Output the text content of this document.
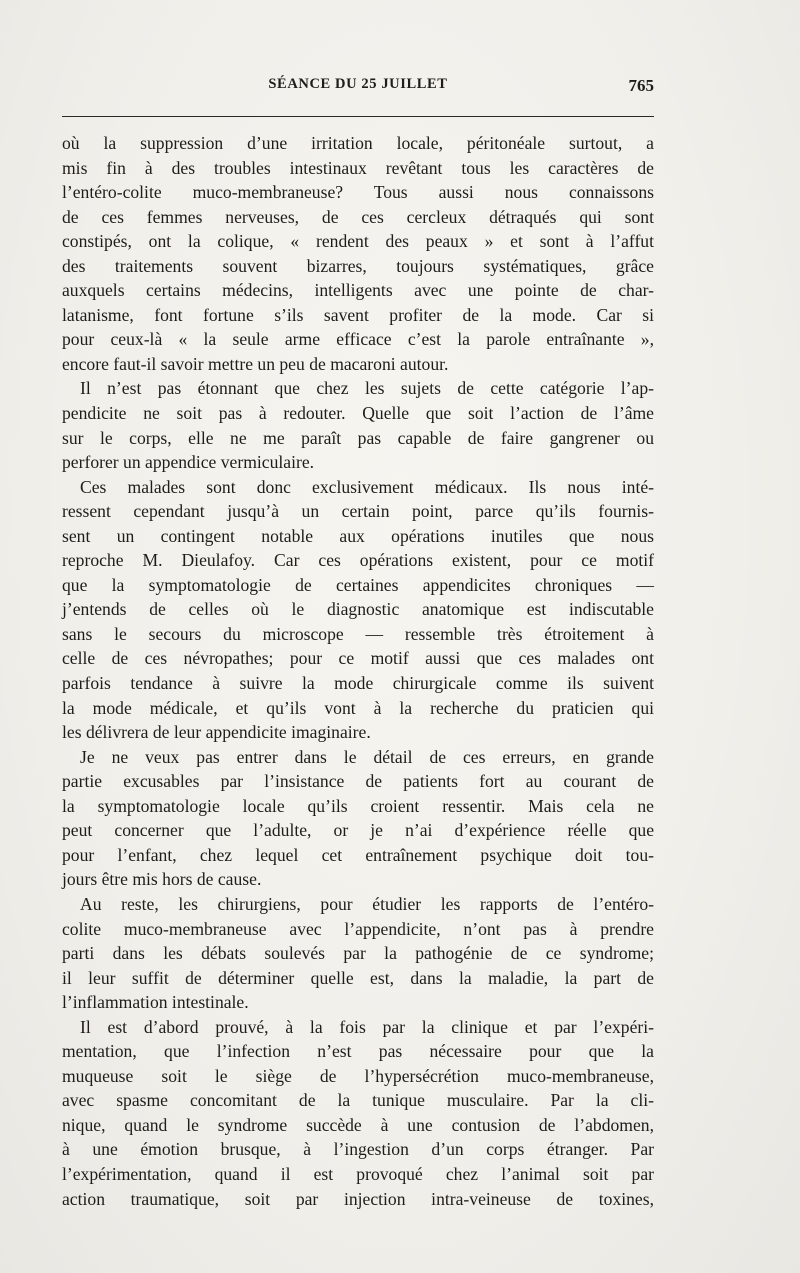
SÉANCE DU 25 JUILLET	765
où la suppression d’une irritation locale, péritonéale surtout, a
mis fin à des troubles intestinaux revêtant tous les caractères de
l’entéro-colite muco-membraneuse? Tous aussi nous connaissons
de ces femmes nerveuses, de ces cercleux détraqués qui sont
constipés, ont la colique, « rendent des peaux » et sont à l’affut
des traitements souvent bizarres, toujours systématiques, grâce
auxquels certains médecins, intelligents avec une pointe de char-
latanisme, font fortune s’ils savent profiter de la mode. Car si
pour ceux-là « la seule arme efficace c’est la parole entraînante »,
encore faut-il savoir mettre un peu de macaroni autour.
Il n’est pas étonnant que chez les sujets de cette catégorie l’ap-
pendicite ne soit pas à redouter. Quelle que soit l’action de l’âme
sur le corps, elle ne me paraît pas capable de faire gangrener ou
perforer un appendice vermiculaire.
Ces malades sont donc exclusivement médicaux. Ils nous inté-
ressent cependant jusqu’à un certain point, parce qu’ils fournis-
sent un contingent notable aux opérations inutiles que nous
reproche M. Dieulafoy. Car ces opérations existent, pour ce motif
que la symptomatologie de certaines appendicites chroniques —
j’entends de celles où le diagnostic anatomique est indiscutable
sans le secours du microscope — ressemble très étroitement à
celle de ces névropathes; pour ce motif aussi que ces malades ont
parfois tendance à suivre la mode chirurgicale comme ils suivent
la mode médicale, et qu’ils vont à la recherche du praticien qui
les délivrera de leur appendicite imaginaire.
Je ne veux pas entrer dans le détail de ces erreurs, en grande
partie excusables par l’insistance de patients fort au courant de
la symptomatologie locale qu’ils croient ressentir. Mais cela ne
peut concerner que l’adulte, or je n’ai d’expérience réelle que
pour l’enfant, chez lequel cet entraînement psychique doit tou-
jours être mis hors de cause.
Au reste, les chirurgiens, pour étudier les rapports de l’entéro-
colite muco-membraneuse avec l’appendicite, n’ont pas à prendre
parti dans les débats soulevés par la pathogénie de ce syndrome;
il leur suffit de déterminer quelle est, dans la maladie, la part de
l’inflammation intestinale.
Il est d’abord prouvé, à la fois par la clinique et par l’expéri-
mentation, que l’infection n’est pas nécessaire pour que la
muqueuse soit le siège de l’hypersécrétion muco-membraneuse,
avec spasme concomitant de la tunique musculaire. Par la cli-
nique, quand le syndrome succède à une contusion de l’abdomen,
à une émotion brusque, à l’ingestion d’un corps étranger. Par
l’expérimentation, quand il est provoqué chez l’animal soit par
action traumatique, soit par injection intra-veineuse de toxines,
